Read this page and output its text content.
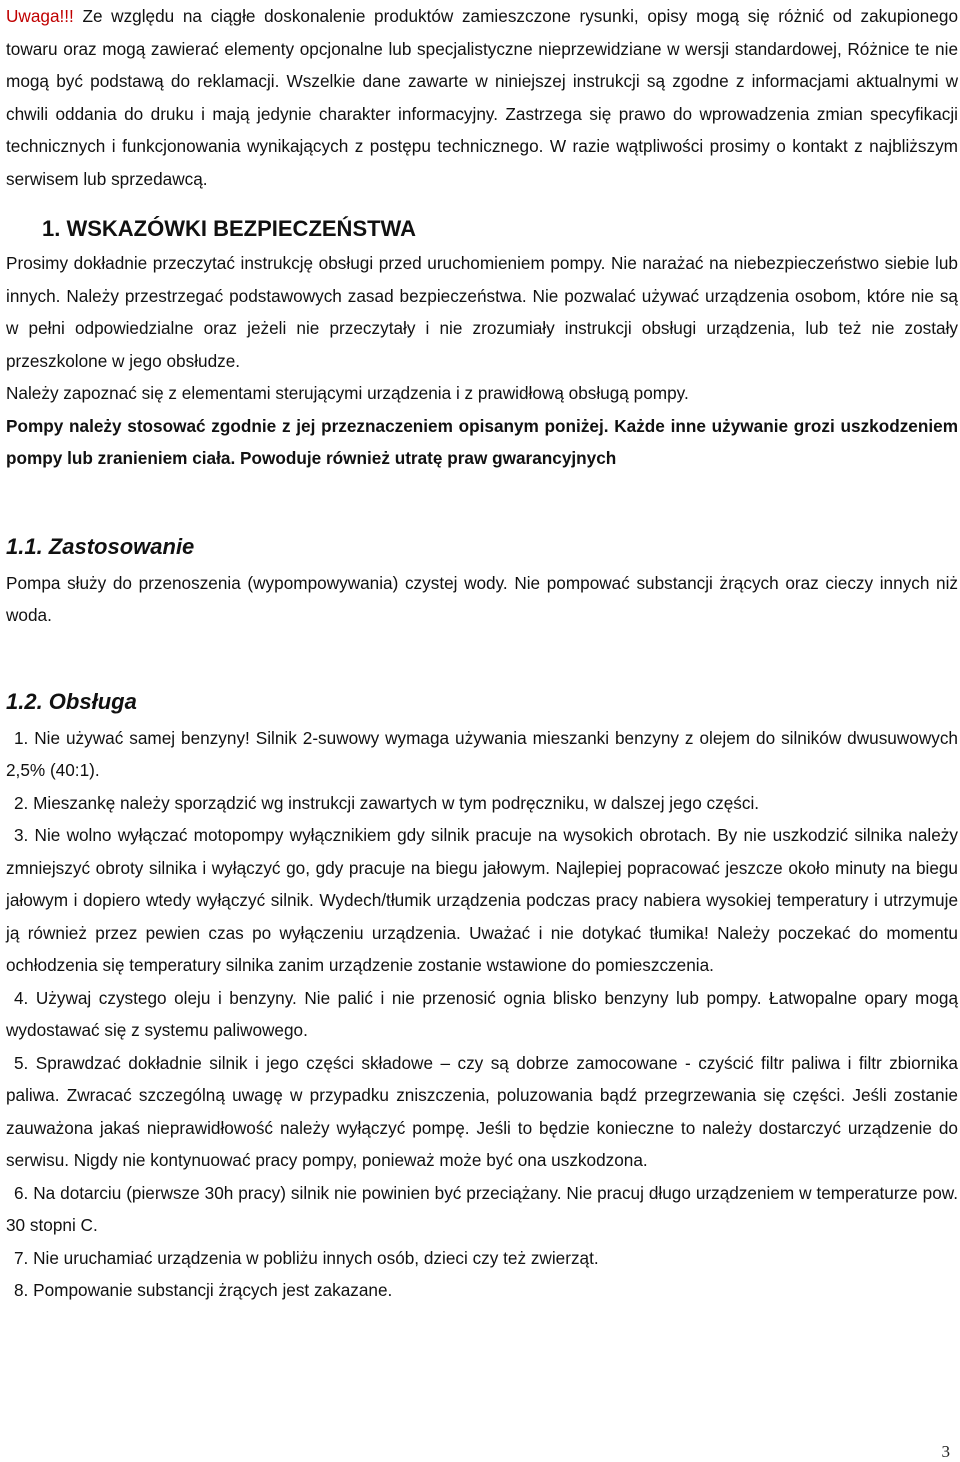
Uwaga!!! Ze względu na ciągłe doskonalenie produktów zamieszczone rysunki, opisy mogą się różnić od zakupionego towaru oraz mogą zawierać elementy opcjonalne lub specjalistyczne nieprzewidziane w wersji standardowej, Różnice te nie mogą być podstawą do reklamacji. Wszelkie dane zawarte w niniejszej instrukcji są zgodne z informacjami aktualnymi w chwili oddania do druku i mają jedynie charakter informacyjny. Zastrzega się prawo do wprowadzenia zmian specyfikacji technicznych i funkcjonowania wynikających z postępu technicznego. W razie wątpliwości prosimy o kontakt z najbliższym serwisem lub sprzedawcą.

1. WSKAZÓWKI BEZPIECZEŃSTWA

Prosimy dokładnie przeczytać instrukcję obsługi przed uruchomieniem pompy. Nie narażać na niebezpieczeństwo siebie lub innych. Należy przestrzegać podstawowych zasad bezpieczeństwa. Nie pozwalać używać urządzenia osobom, które nie są w pełni odpowiedzialne oraz jeżeli nie przeczytały i nie zrozumiały instrukcji obsługi urządzenia, lub też nie zostały przeszkolone w jego obsłudze.

Należy zapoznać się z elementami sterującymi urządzenia i z prawidłową obsługą pompy.

Pompy należy stosować zgodnie z jej przeznaczeniem opisanym poniżej. Każde inne używanie grozi uszkodzeniem pompy lub zranieniem ciała. Powoduje również utratę praw gwarancyjnych

1.1. Zastosowanie

Pompa służy do przenoszenia (wypompowywania) czystej wody. Nie pompować substancji żrących oraz cieczy innych niż woda.

1.2. Obsługa

1. Nie używać samej benzyny! Silnik 2-suwowy wymaga używania mieszanki benzyny z olejem do silników dwusuwowych 2,5% (40:1).

2. Mieszankę należy sporządzić wg instrukcji zawartych w tym podręczniku, w dalszej jego części.

3. Nie wolno wyłączać motopompy wyłącznikiem gdy silnik pracuje na wysokich obrotach. By nie uszkodzić silnika należy zmniejszyć obroty silnika i wyłączyć go, gdy pracuje na biegu jałowym. Najlepiej popracować jeszcze około minuty na biegu jałowym i dopiero wtedy wyłączyć silnik. Wydech/tłumik urządzenia podczas pracy nabiera wysokiej temperatury i utrzymuje ją również przez pewien czas po wyłączeniu urządzenia. Uważać i nie dotykać tłumika! Należy poczekać do momentu ochłodzenia się temperatury silnika zanim urządzenie zostanie wstawione do pomieszczenia.

4. Używaj czystego oleju i benzyny. Nie palić i nie przenosić ognia blisko benzyny lub pompy. Łatwopalne opary mogą wydostawać się z systemu paliwowego.

5. Sprawdzać dokładnie silnik i jego części składowe – czy są dobrze zamocowane - czyścić filtr paliwa i filtr zbiornika paliwa. Zwracać szczególną uwagę w przypadku zniszczenia, poluzowania bądź przegrzewania się części. Jeśli zostanie zauważona jakaś nieprawidłowość należy wyłączyć pompę. Jeśli to będzie konieczne to należy dostarczyć urządzenie do serwisu. Nigdy nie kontynuować pracy pompy, ponieważ może być ona uszkodzona.

6. Na dotarciu (pierwsze 30h pracy) silnik nie powinien być przeciążany. Nie pracuj długo urządzeniem w temperaturze pow. 30 stopni C.

7. Nie uruchamiać urządzenia w pobliżu innych osób, dzieci czy też zwierząt.

8. Pompowanie substancji żrących jest zakazane.

3
